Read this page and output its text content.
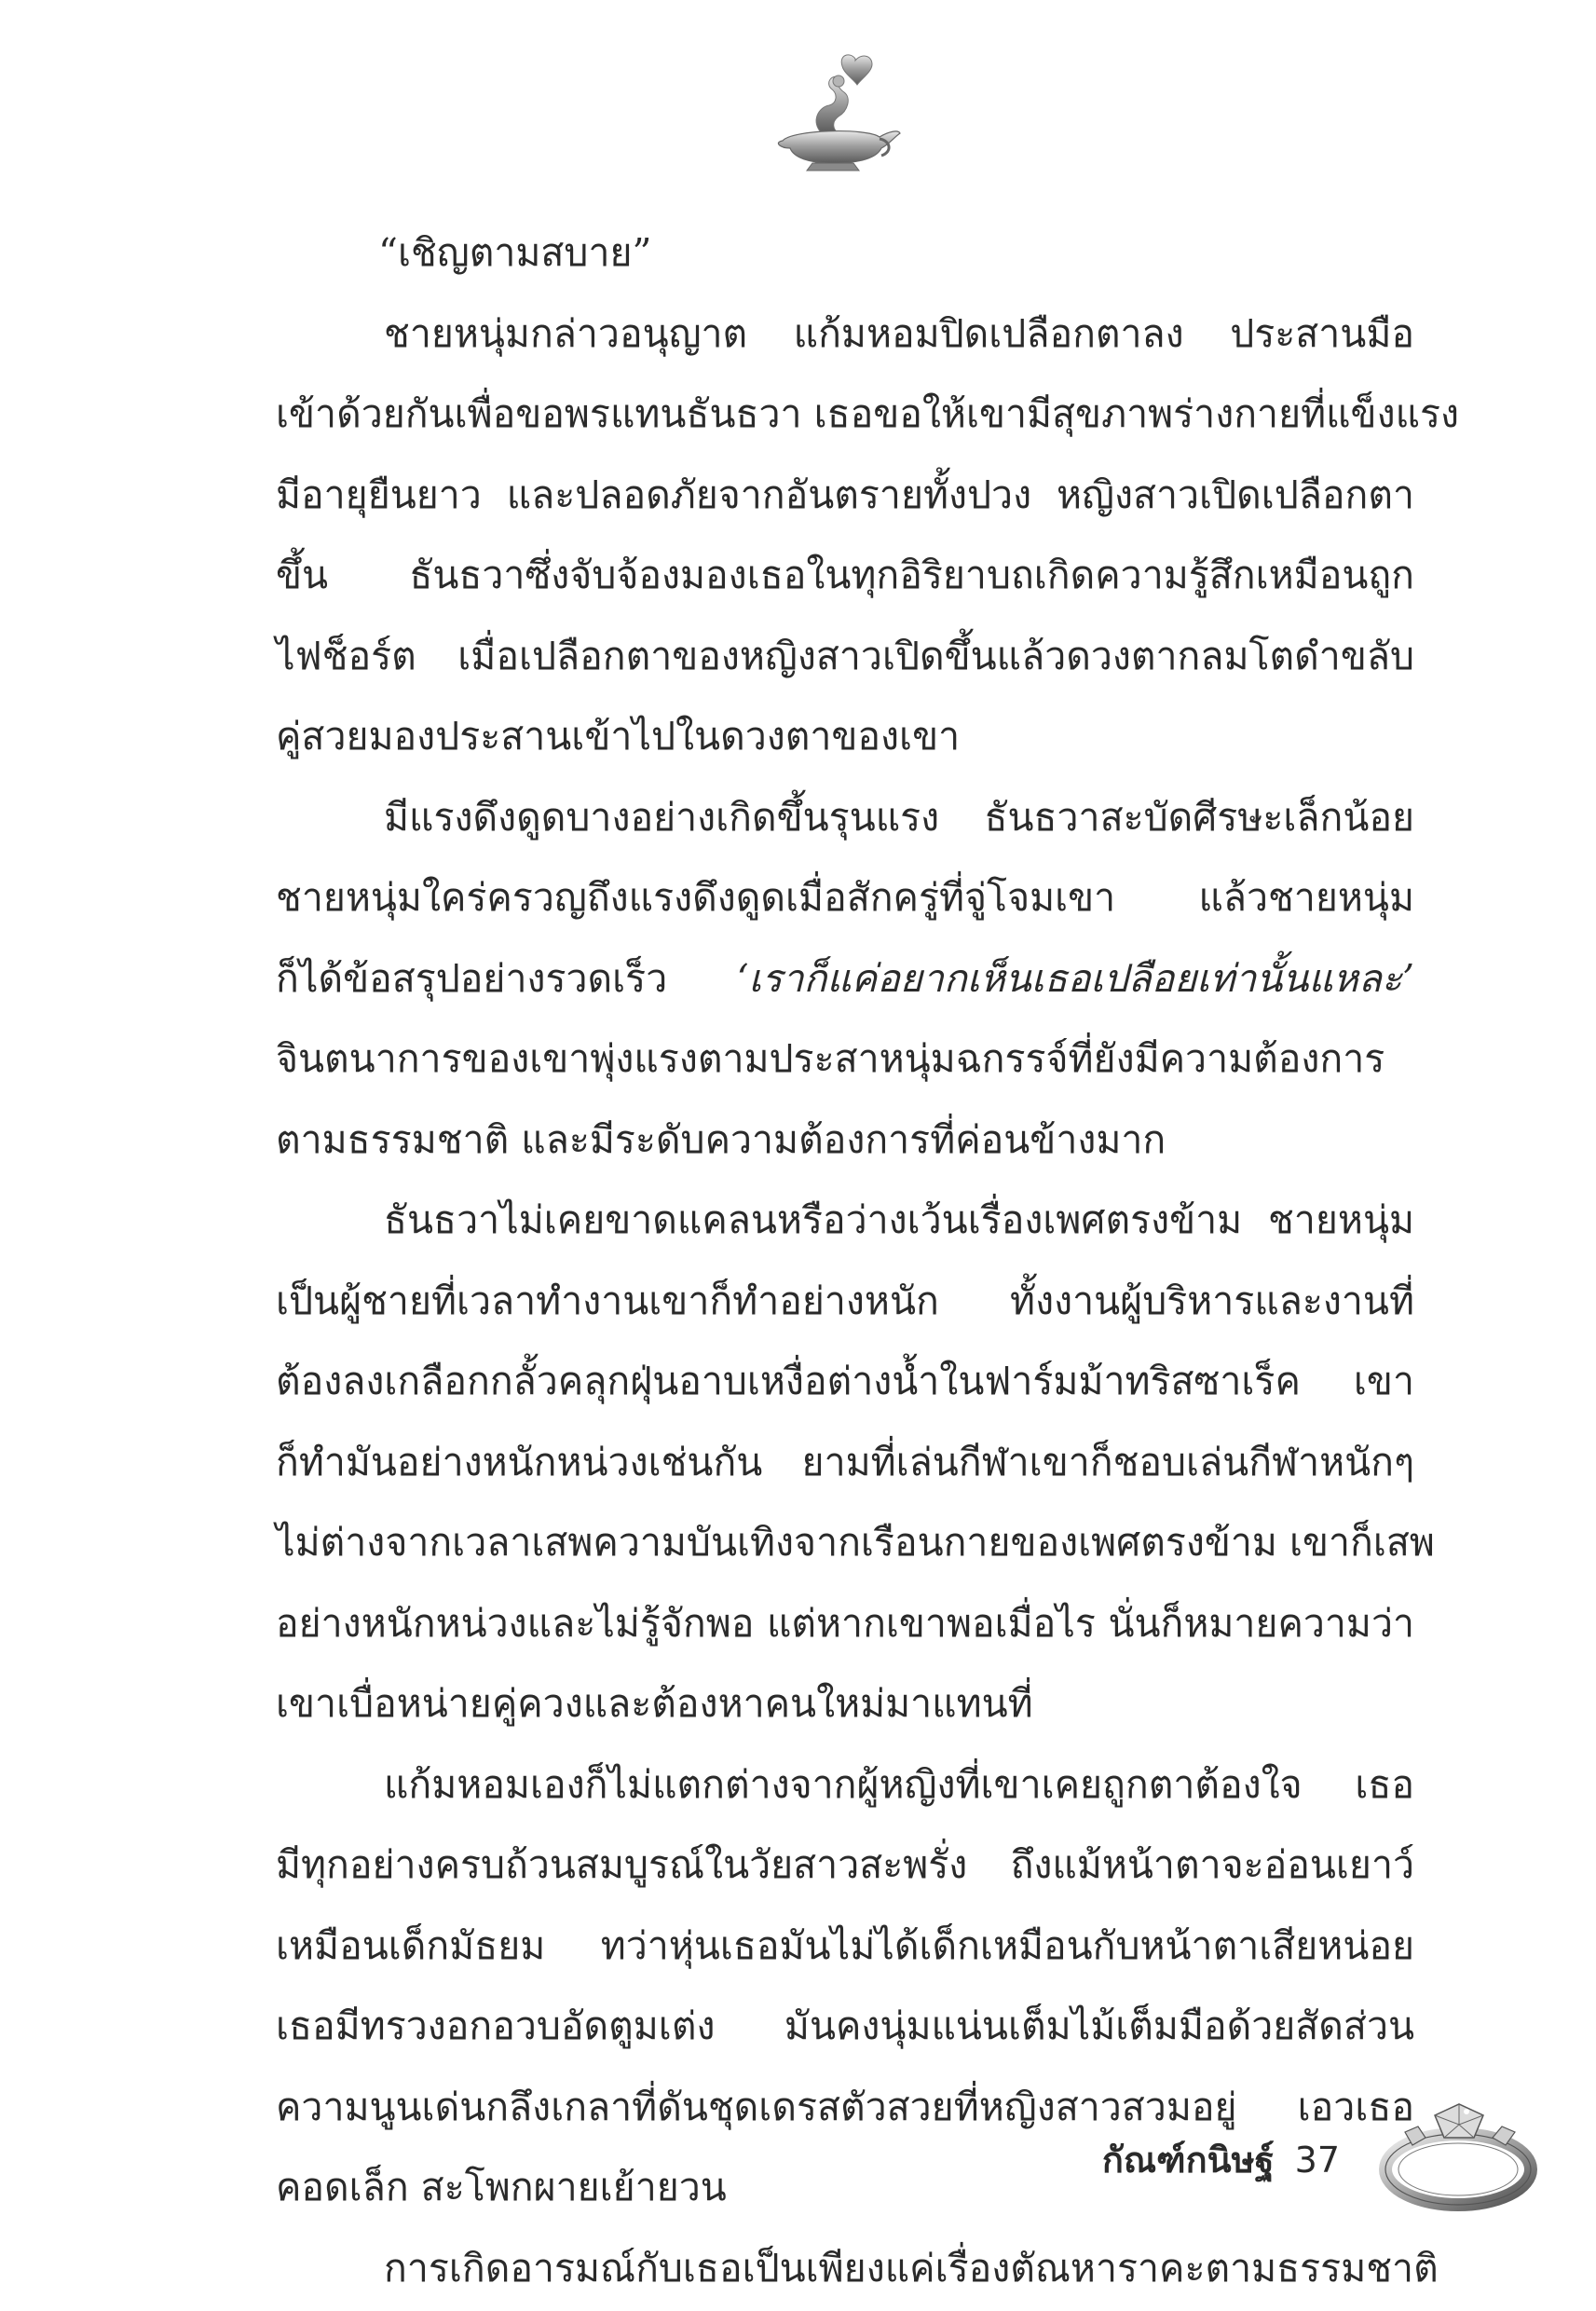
“เชิญตามสบาย”
ชายหนุ่มกล่าวอนุญาต แก้มหอมปิดเปลือกตาลง ประสานมือ
เข้าด้วยกันเพื่อขอพรแทนธันธวา เธอขอให้เขามีสุขภาพร่างกายที่แข็งแรง
มีอายุยืนยาว และปลอดภัยจากอันตรายทั้งปวง หญิงสาวเปิดเปลือกตา
ขึ้น ธันธวาซึ่งจับจ้องมองเธอในทุกอิริยาบถเกิดความรู้สึกเหมือนถูก
ไฟช็อร์ต เมื่อเปลือกตาของหญิงสาวเปิดขึ้นแล้วดวงตากลมโตดำขลับ
คู่สวยมองประสานเข้าไปในดวงตาของเขา
มีแรงดึงดูดบางอย่างเกิดขึ้นรุนแรง ธันธวาสะบัดศีรษะเล็กน้อย
ชายหนุ่มใคร่ครวญถึงแรงดึงดูดเมื่อสักครู่ที่จู่โจมเขา แล้วชายหนุ่ม
ก็ได้ข้อสรุปอย่างรวดเร็ว ‘เราก็แค่อยากเห็นเธอเปลือยเท่านั้นแหละ’
จินตนาการของเขาพุ่งแรงตามประสาหนุ่มฉกรรจ์ที่ยังมีความต้องการ
ตามธรรมชาติ และมีระดับความต้องการที่ค่อนข้างมาก
ธันธวาไม่เคยขาดแคลนหรือว่างเว้นเรื่องเพศตรงข้าม ชายหนุ่ม
เป็นผู้ชายที่เวลาทำงานเขาก็ทำอย่างหนัก ทั้งงานผู้บริหารและงานที่
ต้องลงเกลือกกลั้วคลุกฝุ่นอาบเหงื่อต่างน้ำในฟาร์มม้าทริสซาเร็ค เขา
ก็ทำมันอย่างหนักหน่วงเช่นกัน ยามที่เล่นกีฬาเขาก็ชอบเล่นกีฬาหนักๆ
ไม่ต่างจากเวลาเสพความบันเทิงจากเรือนกายของเพศตรงข้าม เขาก็เสพ
อย่างหนักหน่วงและไม่รู้จักพอ แต่หากเขาพอเมื่อไร นั่นก็หมายความว่า
เขาเบื่อหน่ายคู่ควงและต้องหาคนใหม่มาแทนที่
แก้มหอมเองก็ไม่แตกต่างจากผู้หญิงที่เขาเคยถูกตาต้องใจ เธอ
มีทุกอย่างครบถ้วนสมบูรณ์ในวัยสาวสะพรั่ง ถึงแม้หน้าตาจะอ่อนเยาว์
เหมือนเด็กมัธยม ทว่าหุ่นเธอมันไม่ได้เด็กเหมือนกับหน้าตาเสียหน่อย
เธอมีทรวงอกอวบอัดตูมเต่ง มันคงนุ่มแน่นเต็มไม้เต็มมือด้วยสัดส่วน
ความนูนเด่นกลึงเกลาที่ดันชุดเดรสตัวสวยที่หญิงสาวสวมอยู่ เอวเธอ
คอดเล็ก สะโพกผายเย้ายวน
การเกิดอารมณ์กับเธอเป็นเพียงแค่เรื่องตัณหาราคะตามธรรมชาติ
กัณฑ์กนิษฐ์ 37
